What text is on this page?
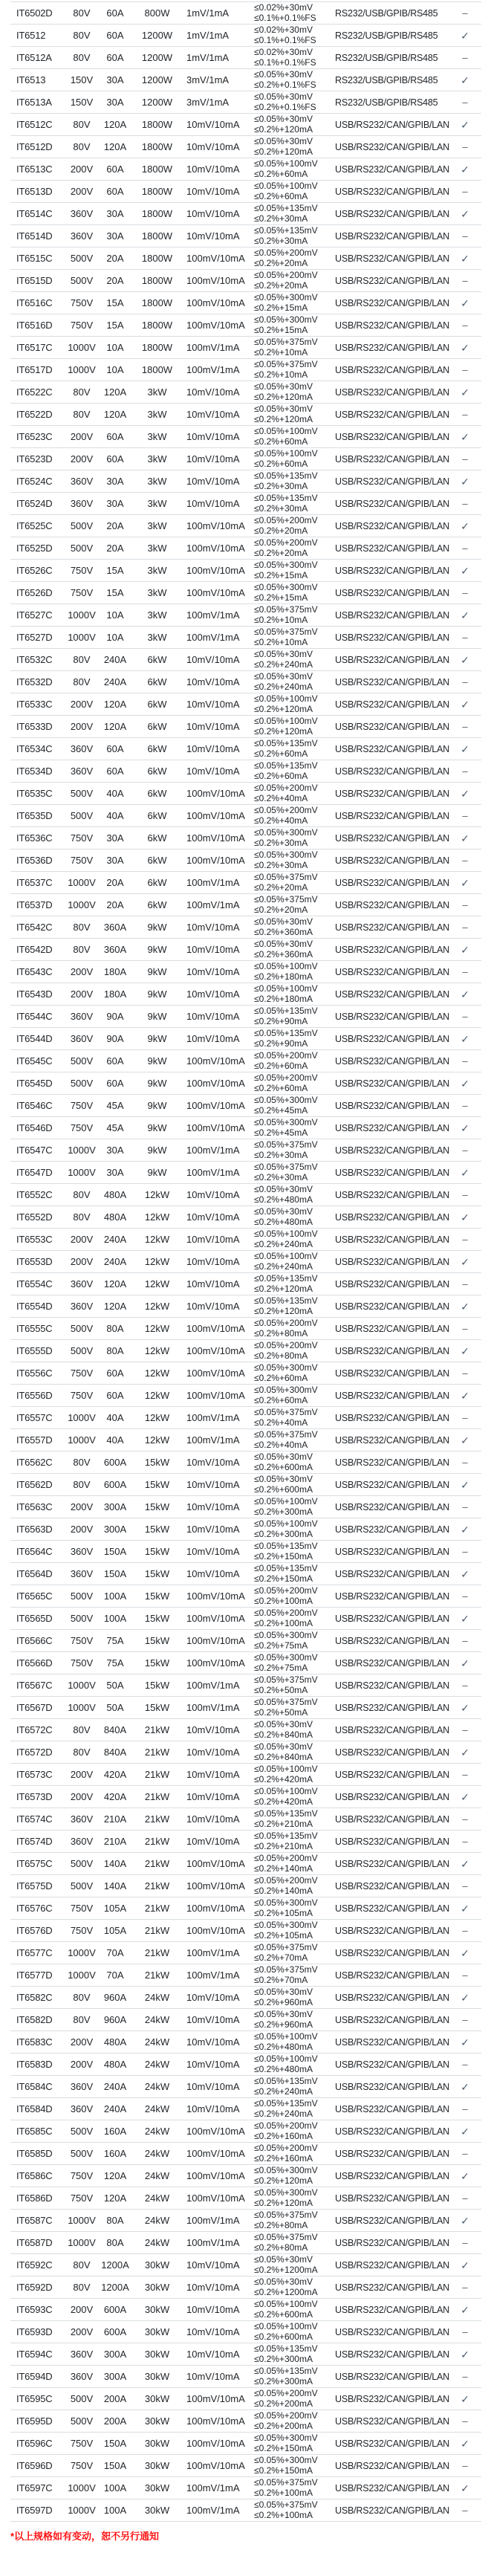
IT6502D	80V	60A	800W	1mV/1mA	≤0.02%+30mV
≤0.1%+0.1%FS	RS232/USB/GPIB/RS485	–
IT6512	80V	60A	1200W	1mV/1mA	≤0.02%+30mV
≤0.1%+0.1%FS	RS232/USB/GPIB/RS485	✓
IT6512A	80V	60A	1200W	1mV/1mA	≤0.02%+30mV
≤0.1%+0.1%FS	RS232/USB/GPIB/RS485	–
IT6513	150V	30A	1200W	3mV/1mA	≤0.05%+30mV
≤0.2%+0.1%FS	RS232/USB/GPIB/RS485	✓
IT6513A	150V	30A	1200W	3mV/1mA	≤0.05%+30mV
≤0.2%+0.1%FS	RS232/USB/GPIB/RS485	–
IT6512C	80V	120A	1800W	10mV/10mA	≤0.05%+30mV
≤0.2%+120mA	USB/RS232/CAN/GPIB/LAN	✓
IT6512D	80V	120A	1800W	10mV/10mA	≤0.05%+30mV
≤0.2%+120mA	USB/RS232/CAN/GPIB/LAN	–
IT6513C	200V	60A	1800W	10mV/10mA	≤0.05%+100mV
≤0.2%+60mA	USB/RS232/CAN/GPIB/LAN	✓
IT6513D	200V	60A	1800W	10mV/10mA	≤0.05%+100mV
≤0.2%+60mA	USB/RS232/CAN/GPIB/LAN	–
IT6514C	360V	30A	1800W	10mV/10mA	≤0.05%+135mV
≤0.2%+30mA	USB/RS232/CAN/GPIB/LAN	✓
IT6514D	360V	30A	1800W	10mV/10mA	≤0.05%+135mV
≤0.2%+30mA	USB/RS232/CAN/GPIB/LAN	–
IT6515C	500V	20A	1800W	100mV/10mA	≤0.05%+200mV
≤0.2%+20mA	USB/RS232/CAN/GPIB/LAN	✓
IT6515D	500V	20A	1800W	100mV/10mA	≤0.05%+200mV
≤0.2%+20mA	USB/RS232/CAN/GPIB/LAN	–
IT6516C	750V	15A	1800W	100mV/10mA	≤0.05%+300mV
≤0.2%+15mA	USB/RS232/CAN/GPIB/LAN	✓
IT6516D	750V	15A	1800W	100mV/10mA	≤0.05%+300mV
≤0.2%+15mA	USB/RS232/CAN/GPIB/LAN	–
IT6517C	1000V	10A	1800W	100mV/1mA	≤0.05%+375mV
≤0.2%+10mA	USB/RS232/CAN/GPIB/LAN	✓
IT6517D	1000V	10A	1800W	100mV/1mA	≤0.05%+375mV
≤0.2%+10mA	USB/RS232/CAN/GPIB/LAN	–
IT6522C	80V	120A	3kW	10mV/10mA	≤0.05%+30mV
≤0.2%+120mA	USB/RS232/CAN/GPIB/LAN	✓
IT6522D	80V	120A	3kW	10mV/10mA	≤0.05%+30mV
≤0.2%+120mA	USB/RS232/CAN/GPIB/LAN	–
IT6523C	200V	60A	3kW	10mV/10mA	≤0.05%+100mV
≤0.2%+60mA	USB/RS232/CAN/GPIB/LAN	✓
IT6523D	200V	60A	3kW	10mV/10mA	≤0.05%+100mV
≤0.2%+60mA	USB/RS232/CAN/GPIB/LAN	–
IT6524C	360V	30A	3kW	10mV/10mA	≤0.05%+135mV
≤0.2%+30mA	USB/RS232/CAN/GPIB/LAN	✓
IT6524D	360V	30A	3kW	10mV/10mA	≤0.05%+135mV
≤0.2%+30mA	USB/RS232/CAN/GPIB/LAN	–
IT6525C	500V	20A	3kW	100mV/10mA	≤0.05%+200mV
≤0.2%+20mA	USB/RS232/CAN/GPIB/LAN	✓
IT6525D	500V	20A	3kW	100mV/10mA	≤0.05%+200mV
≤0.2%+20mA	USB/RS232/CAN/GPIB/LAN	–
IT6526C	750V	15A	3kW	100mV/10mA	≤0.05%+300mV
≤0.2%+15mA	USB/RS232/CAN/GPIB/LAN	✓
IT6526D	750V	15A	3kW	100mV/10mA	≤0.05%+300mV
≤0.2%+15mA	USB/RS232/CAN/GPIB/LAN	–
IT6527C	1000V	10A	3kW	100mV/1mA	≤0.05%+375mV
≤0.2%+10mA	USB/RS232/CAN/GPIB/LAN	✓
IT6527D	1000V	10A	3kW	100mV/1mA	≤0.05%+375mV
≤0.2%+10mA	USB/RS232/CAN/GPIB/LAN	–
IT6532C	80V	240A	6kW	10mV/10mA	≤0.05%+30mV
≤0.2%+240mA	USB/RS232/CAN/GPIB/LAN	✓
IT6532D	80V	240A	6kW	10mV/10mA	≤0.05%+30mV
≤0.2%+240mA	USB/RS232/CAN/GPIB/LAN	–
IT6533C	200V	120A	6kW	10mV/10mA	≤0.05%+100mV
≤0.2%+120mA	USB/RS232/CAN/GPIB/LAN	✓
IT6533D	200V	120A	6kW	10mV/10mA	≤0.05%+100mV
≤0.2%+120mA	USB/RS232/CAN/GPIB/LAN	–
IT6534C	360V	60A	6kW	10mV/10mA	≤0.05%+135mV
≤0.2%+60mA	USB/RS232/CAN/GPIB/LAN	✓
IT6534D	360V	60A	6kW	10mV/10mA	≤0.05%+135mV
≤0.2%+60mA	USB/RS232/CAN/GPIB/LAN	–
IT6535C	500V	40A	6kW	100mV/10mA	≤0.05%+200mV
≤0.2%+40mA	USB/RS232/CAN/GPIB/LAN	✓
IT6535D	500V	40A	6kW	100mV/10mA	≤0.05%+200mV
≤0.2%+40mA	USB/RS232/CAN/GPIB/LAN	–
IT6536C	750V	30A	6kW	100mV/10mA	≤0.05%+300mV
≤0.2%+30mA	USB/RS232/CAN/GPIB/LAN	✓
IT6536D	750V	30A	6kW	100mV/10mA	≤0.05%+300mV
≤0.2%+30mA	USB/RS232/CAN/GPIB/LAN	–
IT6537C	1000V	20A	6kW	100mV/1mA	≤0.05%+375mV
≤0.2%+20mA	USB/RS232/CAN/GPIB/LAN	✓
IT6537D	1000V	20A	6kW	100mV/1mA	≤0.05%+375mV
≤0.2%+20mA	USB/RS232/CAN/GPIB/LAN	–
IT6542C	80V	360A	9kW	10mV/10mA	≤0.05%+30mV
≤0.2%+360mA	USB/RS232/CAN/GPIB/LAN	–
IT6542D	80V	360A	9kW	10mV/10mA	≤0.05%+30mV
≤0.2%+360mA	USB/RS232/CAN/GPIB/LAN	✓
IT6543C	200V	180A	9kW	10mV/10mA	≤0.05%+100mV
≤0.2%+180mA	USB/RS232/CAN/GPIB/LAN	–
IT6543D	200V	180A	9kW	10mV/10mA	≤0.05%+100mV
≤0.2%+180mA	USB/RS232/CAN/GPIB/LAN	✓
IT6544C	360V	90A	9kW	10mV/10mA	≤0.05%+135mV
≤0.2%+90mA	USB/RS232/CAN/GPIB/LAN	–
IT6544D	360V	90A	9kW	10mV/10mA	≤0.05%+135mV
≤0.2%+90mA	USB/RS232/CAN/GPIB/LAN	✓
IT6545C	500V	60A	9kW	100mV/10mA	≤0.05%+200mV
≤0.2%+60mA	USB/RS232/CAN/GPIB/LAN	–
IT6545D	500V	60A	9kW	100mV/10mA	≤0.05%+200mV
≤0.2%+60mA	USB/RS232/CAN/GPIB/LAN	✓
IT6546C	750V	45A	9kW	100mV/10mA	≤0.05%+300mV
≤0.2%+45mA	USB/RS232/CAN/GPIB/LAN	–
IT6546D	750V	45A	9kW	100mV/10mA	≤0.05%+300mV
≤0.2%+45mA	USB/RS232/CAN/GPIB/LAN	✓
IT6547C	1000V	30A	9kW	100mV/1mA	≤0.05%+375mV
≤0.2%+30mA	USB/RS232/CAN/GPIB/LAN	–
IT6547D	1000V	30A	9kW	100mV/1mA	≤0.05%+375mV
≤0.2%+30mA	USB/RS232/CAN/GPIB/LAN	✓
IT6552C	80V	480A	12kW	10mV/10mA	≤0.05%+30mV
≤0.2%+480mA	USB/RS232/CAN/GPIB/LAN	–
IT6552D	80V	480A	12kW	10mV/10mA	≤0.05%+30mV
≤0.2%+480mA	USB/RS232/CAN/GPIB/LAN	✓
IT6553C	200V	240A	12kW	10mV/10mA	≤0.05%+100mV
≤0.2%+240mA	USB/RS232/CAN/GPIB/LAN	–
IT6553D	200V	240A	12kW	10mV/10mA	≤0.05%+100mV
≤0.2%+240mA	USB/RS232/CAN/GPIB/LAN	✓
IT6554C	360V	120A	12kW	10mV/10mA	≤0.05%+135mV
≤0.2%+120mA	USB/RS232/CAN/GPIB/LAN	–
IT6554D	360V	120A	12kW	10mV/10mA	≤0.05%+135mV
≤0.2%+120mA	USB/RS232/CAN/GPIB/LAN	✓
IT6555C	500V	80A	12kW	100mV/10mA	≤0.05%+200mV
≤0.2%+80mA	USB/RS232/CAN/GPIB/LAN	–
IT6555D	500V	80A	12kW	100mV/10mA	≤0.05%+200mV
≤0.2%+80mA	USB/RS232/CAN/GPIB/LAN	✓
IT6556C	750V	60A	12kW	100mV/10mA	≤0.05%+300mV
≤0.2%+60mA	USB/RS232/CAN/GPIB/LAN	–
IT6556D	750V	60A	12kW	100mV/10mA	≤0.05%+300mV
≤0.2%+60mA	USB/RS232/CAN/GPIB/LAN	✓
IT6557C	1000V	40A	12kW	100mV/1mA	≤0.05%+375mV
≤0.2%+40mA	USB/RS232/CAN/GPIB/LAN	–
IT6557D	1000V	40A	12kW	100mV/1mA	≤0.05%+375mV
≤0.2%+40mA	USB/RS232/CAN/GPIB/LAN	✓
IT6562C	80V	600A	15kW	10mV/10mA	≤0.05%+30mV
≤0.2%+600mA	USB/RS232/CAN/GPIB/LAN	–
IT6562D	80V	600A	15kW	10mV/10mA	≤0.05%+30mV
≤0.2%+600mA	USB/RS232/CAN/GPIB/LAN	✓
IT6563C	200V	300A	15kW	10mV/10mA	≤0.05%+100mV
≤0.2%+300mA	USB/RS232/CAN/GPIB/LAN	–
IT6563D	200V	300A	15kW	10mV/10mA	≤0.05%+100mV
≤0.2%+300mA	USB/RS232/CAN/GPIB/LAN	✓
IT6564C	360V	150A	15kW	10mV/10mA	≤0.05%+135mV
≤0.2%+150mA	USB/RS232/CAN/GPIB/LAN	–
IT6564D	360V	150A	15kW	10mV/10mA	≤0.05%+135mV
≤0.2%+150mA	USB/RS232/CAN/GPIB/LAN	✓
IT6565C	500V	100A	15kW	100mV/10mA	≤0.05%+200mV
≤0.2%+100mA	USB/RS232/CAN/GPIB/LAN	–
IT6565D	500V	100A	15kW	100mV/10mA	≤0.05%+200mV
≤0.2%+100mA	USB/RS232/CAN/GPIB/LAN	✓
IT6566C	750V	75A	15kW	100mV/10mA	≤0.05%+300mV
≤0.2%+75mA	USB/RS232/CAN/GPIB/LAN	–
IT6566D	750V	75A	15kW	100mV/10mA	≤0.05%+300mV
≤0.2%+75mA	USB/RS232/CAN/GPIB/LAN	✓
IT6567C	1000V	50A	15kW	100mV/1mA	≤0.05%+375mV
≤0.2%+50mA	USB/RS232/CAN/GPIB/LAN	–
IT6567D	1000V	50A	15kW	100mV/1mA	≤0.05%+375mV
≤0.2%+50mA	USB/RS232/CAN/GPIB/LAN	✓
IT6572C	80V	840A	21kW	10mV/10mA	≤0.05%+30mV
≤0.2%+840mA	USB/RS232/CAN/GPIB/LAN	–
IT6572D	80V	840A	21kW	10mV/10mA	≤0.05%+30mV
≤0.2%+840mA	USB/RS232/CAN/GPIB/LAN	✓
IT6573C	200V	420A	21kW	10mV/10mA	≤0.05%+100mV
≤0.2%+420mA	USB/RS232/CAN/GPIB/LAN	–
IT6573D	200V	420A	21kW	10mV/10mA	≤0.05%+100mV
≤0.2%+420mA	USB/RS232/CAN/GPIB/LAN	✓
IT6574C	360V	210A	21kW	10mV/10mA	≤0.05%+135mV
≤0.2%+210mA	USB/RS232/CAN/GPIB/LAN	–
IT6574D	360V	210A	21kW	10mV/10mA	≤0.05%+135mV
≤0.2%+210mA	USB/RS232/CAN/GPIB/LAN	–
IT6575C	500V	140A	21kW	100mV/10mA	≤0.05%+200mV
≤0.2%+140mA	USB/RS232/CAN/GPIB/LAN	✓
IT6575D	500V	140A	21kW	100mV/10mA	≤0.05%+200mV
≤0.2%+140mA	USB/RS232/CAN/GPIB/LAN	–
IT6576C	750V	105A	21kW	100mV/10mA	≤0.05%+300mV
≤0.2%+105mA	USB/RS232/CAN/GPIB/LAN	✓
IT6576D	750V	105A	21kW	100mV/10mA	≤0.05%+300mV
≤0.2%+105mA	USB/RS232/CAN/GPIB/LAN	–
IT6577C	1000V	70A	21kW	100mV/1mA	≤0.05%+375mV
≤0.2%+70mA	USB/RS232/CAN/GPIB/LAN	✓
IT6577D	1000V	70A	21kW	100mV/1mA	≤0.05%+375mV
≤0.2%+70mA	USB/RS232/CAN/GPIB/LAN	–
IT6582C	80V	960A	24kW	10mV/10mA	≤0.05%+30mV
≤0.2%+960mA	USB/RS232/CAN/GPIB/LAN	✓
IT6582D	80V	960A	24kW	10mV/10mA	≤0.05%+30mV
≤0.2%+960mA	USB/RS232/CAN/GPIB/LAN	–
IT6583C	200V	480A	24kW	10mV/10mA	≤0.05%+100mV
≤0.2%+480mA	USB/RS232/CAN/GPIB/LAN	✓
IT6583D	200V	480A	24kW	10mV/10mA	≤0.05%+100mV
≤0.2%+480mA	USB/RS232/CAN/GPIB/LAN	–
IT6584C	360V	240A	24kW	10mV/10mA	≤0.05%+135mV
≤0.2%+240mA	USB/RS232/CAN/GPIB/LAN	✓
IT6584D	360V	240A	24kW	10mV/10mA	≤0.05%+135mV
≤0.2%+240mA	USB/RS232/CAN/GPIB/LAN	–
IT6585C	500V	160A	24kW	100mV/10mA	≤0.05%+200mV
≤0.2%+160mA	USB/RS232/CAN/GPIB/LAN	✓
IT6585D	500V	160A	24kW	100mV/10mA	≤0.05%+200mV
≤0.2%+160mA	USB/RS232/CAN/GPIB/LAN	–
IT6586C	750V	120A	24kW	100mV/10mA	≤0.05%+300mV
≤0.2%+120mA	USB/RS232/CAN/GPIB/LAN	✓
IT6586D	750V	120A	24kW	100mV/10mA	≤0.05%+300mV
≤0.2%+120mA	USB/RS232/CAN/GPIB/LAN	–
IT6587C	1000V	80A	24kW	100mV/1mA	≤0.05%+375mV
≤0.2%+80mA	USB/RS232/CAN/GPIB/LAN	✓
IT6587D	1000V	80A	24kW	100mV/1mA	≤0.05%+375mV
≤0.2%+80mA	USB/RS232/CAN/GPIB/LAN	–
IT6592C	80V	1200A	30kW	10mV/10mA	≤0.05%+30mV
≤0.2%+1200mA	USB/RS232/CAN/GPIB/LAN	✓
IT6592D	80V	1200A	30kW	10mV/10mA	≤0.05%+30mV
≤0.2%+1200mA	USB/RS232/CAN/GPIB/LAN	–
IT6593C	200V	600A	30kW	10mV/10mA	≤0.05%+100mV
≤0.2%+600mA	USB/RS232/CAN/GPIB/LAN	✓
IT6593D	200V	600A	30kW	10mV/10mA	≤0.05%+100mV
≤0.2%+600mA	USB/RS232/CAN/GPIB/LAN	–
IT6594C	360V	300A	30kW	10mV/10mA	≤0.05%+135mV
≤0.2%+300mA	USB/RS232/CAN/GPIB/LAN	✓
IT6594D	360V	300A	30kW	10mV/10mA	≤0.05%+135mV
≤0.2%+300mA	USB/RS232/CAN/GPIB/LAN	–
IT6595C	500V	200A	30kW	100mV/10mA	≤0.05%+200mV
≤0.2%+200mA	USB/RS232/CAN/GPIB/LAN	✓
IT6595D	500V	200A	30kW	100mV/10mA	≤0.05%+200mV
≤0.2%+200mA	USB/RS232/CAN/GPIB/LAN	–
IT6596C	750V	150A	30kW	100mV/10mA	≤0.05%+300mV
≤0.2%+150mA	USB/RS232/CAN/GPIB/LAN	✓
IT6596D	750V	150A	30kW	100mV/10mA	≤0.05%+300mV
≤0.2%+150mA	USB/RS232/CAN/GPIB/LAN	–
IT6597C	1000V 100A	30kW	100mV/1mA	≤0.05%+375mV
≤0.2%+100mA	USB/RS232/CAN/GPIB/LAN	✓
IT6597D	1000V 100A	30kW	100mV/1mA	≤0.05%+375mV
≤0.2%+100mA	USB/RS232/CAN/GPIB/LAN	–
*以上规格如有变动，恕不另行通知
